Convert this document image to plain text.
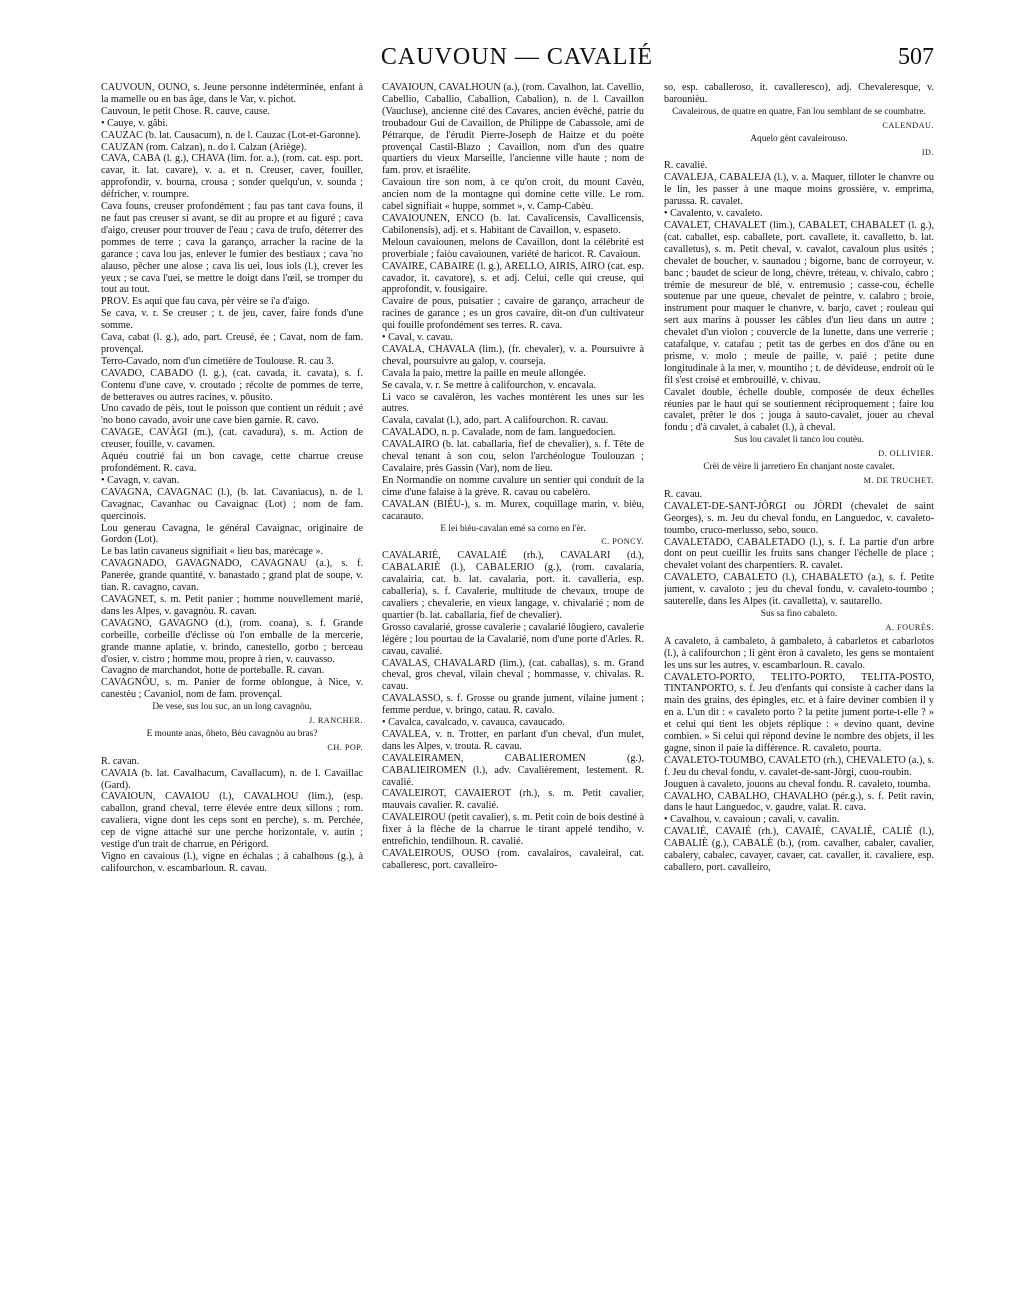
CAUVOUN — CAVALIÉ	507

CAÚVOUN, OUNO, s. Jeune personne indéterminée, enfant à la mamelle ou en bas âge, dans le Var, v. pichot.

Cauvoun, le petit Chose. R. cauve, cause.

• Cauye, v. gâbi.

CAUZAC (b. lat. Causacum), n. de l. Cauzac (Lot-et-Garonne).

CAUZAN (rom. Calzan), n. do l. Calzan (Ariège).

CAVA, CABA (l. g.), CHAVA (lim. for. a.), (rom. cat. esp. port. cavar, it. lat. cavare), v. a. et n. Creuser, caver, fouiller, approfondir, v. bourna, crousa ; sonder quelqu'un, v. sounda ; défricher, v. roumpre.

Cava founs, creuser profondément ; fau pas tant cava founs, il ne faut pas creuser si avant, se dit au propre et au figuré ; cava d'aigo, creuser pour trouver de l'eau ; cava de trufo, déterrer des pommes de terre ; cava la garanço, arracher la racine de la garance ; cava lou jas, enlever le fumier des bestiaux ; cava 'no alauso, pêcher une alose ; cava lis uei, lous iols (l.), crever les yeux ; se cava l'uei, se mettre le doigt dans l'œil, se tromper du tout au tout.

PROV. Es aqui que fau cava, pèr vèire se i'a d'aigo.

Se cava, v. r. Se creuser ; t. de jeu, caver, faire fonds d'une somme.

Cava, cabat (l. g.), ado, part. Creusé, ée ; Cavat, nom de fam. provençal.

Terro-Cavado, nom d'un cimetière de Toulouse. R. cau 3.

CAVADO, CABADO (l. g.), (cat. cavada, it. cavata), s. f. Contenu d'une cave, v. croutado ; récolte de pommes de terre, de betteraves ou autres racines, v. pôusito.

Uno cavado de pèis, tout le poisson que contient un réduit ; avé 'no bono cavado, avoir une cave bien garnie. R. cavo.

CAVAGE, CAVÀGI (m.), (cat. cavadura), s. m. Action de creuser, fouille, v. cavamen.

Aquéu coutrié fai un bon cavage, cette charrue creuse profondément. R. cava.

• Cavagn, v. cavan.

CAVAGNA, CAVAGNAC (l.), (b. lat. Cavaniacus), n. de l. Cavagnac, Cavanhac ou Cavaignac (Lot) ; nom de fam. quercinois.

Lou generau Cavagna, le général Cavaignac, originaire de Gordon (Lot).

Le bas latin cavaneus signifiait « lieu bas, marécage ».

CAVAGNADO, GAVAGNADO, CAVAGNAU (a.), s. f. Panerée, grande quantité, v. banastado ; grand plat de soupe, v. tian. R. cavagno, cavan.

CAVAGNET, s. m. Petit panier ; homme nouvellement marié, dans les Alpes, v. gavagnòu. R. cavan.

CAVAGNO, GAVAGNO (d.), (rom. coana), s. f. Grande corbeille, corbeille d'éclisse où l'on emballe de la mercerie, grande manne aplatie, v. brindo, canestello, gorbo ; berceau d'osier, v. cistro ; homme mou, propre à rien, v. cauvasso.

Cavagno de marchandot, hotte de porteballe. R. cavan.

CAVAGNÔU, s. m. Panier de forme oblongue, à Nice, v. canestèu ; Cavaniol, nom de fam. provençal.

De vese, sus lou suc, an un long cavagnòu.

J. RANCHER.

E mounte anas, ôheto, Bèu cavagnòu au bras?

CH. POP.

R. cavan.

CAVAIA (b. lat. Cavalhacum, Cavallacum), n. de l. Cavaillac (Gard).

CAVAIOUN, CAVAIOU (l.), CAVALHOU (lim.), (esp. caballon, grand cheval, terre élevée entre deux sillons ; rom. cavaliera, vigne dont les ceps sont en perche), s. m. Perchée, cep de vigne attaché sur une perche horizontale, v. autin ; vestige d'un trait de charrue, en Périgord.

Vigno en cavaious (l.), vigne en échalas ; à cabalhous (g.), à califourchon, v. escambarloun. R. cavau.

CAVAIOUN, CAVALHOUN (a.), (rom. Cavalhon, lat. Cavellio, Cabellio, Caballio, Caballion, Cabalion), n. de l. Cavaillon (Vaucluse), ancienne cité des Cavares, ancien évêché, patrie du troubadour Gui de Cavaillon, de Philippe de Cabassole, ami de Pétrarque, de l'érudit Pierre-Joseph de Haitze et du poète provençal Castil-Blazo ; Cavaillon, nom d'un des quatre quartiers du vieux Marseille, l'ancienne ville haute ; nom de fam. prov. et israélite.

Cavaioun tire son nom, à ce qu'on croit, du mount Cavèu, ancien nom de la montagne qui domine cette ville. Le rom. cabel signifiait « huppe, sommet », v. Camp-Cabèu.

CAVAIOUNEN, ENCO (b. lat. Cavalicensis, Cavallicensis, Cabilonensis), adj. et s. Habitant de Cavaillon, v. espaseto.

Meloun cavaiounen, melons de Cavaillon, dont la célébrité est proverbiale ; faiòu cavaiounen, variété de haricot. R. Cavaioun.

CAVAIRE, CABAIRE (l. g.), ARELLO, AIRIS, AIRO (cat. esp. cavador, it. cavatore), s. et adj. Celui, celle qui creuse, qui approfondit, v. fousigaire.

Cavaire de pous, puisatier ; cavaire de garanço, arracheur de racines de garance ; es un gros cavaire, dit-on d'un cultivateur qui fouille profondément ses terres. R. cava.

• Caval, v. cavau.

CAVALA, CHAVALA (lim.), (fr. chevaler), v. a. Poursuivre à cheval, poursuivre au galop, v. courseja.

Cavala la paio, mettre la paille en meule allongée.

Se cavala, v. r. Se mettre à califourchon, v. encavala.

Li vaco se cavalèron, les vaches montèrent les unes sur les autres.

Cavala, cavalat (l.), ado, part. A califourchon. R. cavau.

CAVALADO, n. p. Cavalade, nom de fam. languedocien.

CAVALAIRO (b. lat. caballaria, fief de chevalier), s. f. Tête de cheval tenant à son cou, selon l'archéologue Toulouzan ; Cavalaire, près Gassin (Var), nom de lieu.

En Normandie on nomme cavalure un sentier qui conduit de la cime d'une falaise à la grève. R. cavau ou cabelèro.

CAVALAN (BIÉU-), s. m. Murex, coquillage marin, v. bièu, cacarauto.

E lei biéu-cavalan emé sa corno en l'èr.

C. PONCY.

CAVALARIÉ, CAVALAIÉ (rh.), CAVALARI (d.), CABALARIÈ (l.), CABALERIO (g.), (rom. cavalaria, cavalairia, cat. b. lat. cavalaria, port. it. cavalleria, esp. caballeria), s. f. Cavalerie, multitude de chevaux, troupe de cavaliers ; chevalerie, en vieux langage, v. chivalarié ; nom de quartier (b. lat. caballaria, fief de chevalier).

Grosso cavalarié, grosse cavalerie ; cavalarié lôugiero, cavalerie légère ; lou pourtau de la Cavalarié, nom d'une porte d'Arles. R. cavau, cavalié.

CAVALAS, CHAVALARD (lim.), (cat. caballas), s. m. Grand cheval, gros cheval, vilain cheval ; hommasse, v. chivalas. R. cavau.

CAVALASSO, s. f. Grosse ou grande jument, vilaine jument ; femme perdue, v. bringo, catau. R. cavalo.

• Cavalca, cavalcado, v. cavauca, cavaucado.

CAVALEA, v. n. Trotter, en parlant d'un cheval, d'un mulet, dans les Alpes, v. trouta. R. cavau.

CAVALEIRAMEN, CABALIEROMEN (g.), CABALIEIROMEN (l.), adv. Cavalièrement, lestement. R. cavalié.

CAVALEIROT, CAVAIEROT (rh.), s. m. Petit cavalier, mauvais cavalier. R. cavalié.

CAVALEIROU (petit cavalier), s. m. Petit coin de bois destiné à fixer à la flèche de la charrue le tirant appelé tendiho, v. entrefichio, tendilhoun. R. cavalié.

CAVALEIROUS, OUSO (rom. cavalairos, cavaleiral, cat. caballeresc, port. cavalleiro-

so, esp. caballeroso, it. cavalleresco), adj. Chevaleresque, v. barounièu.

Cavaleirous, de quatre en quatre, Fan lou semblant de se coumbatre.

CALENDAU.

Aquelo gènt cavaleirouso.

ID.

R. cavalié.

CAVALEJA, CABALEJA (l.), v. a. Maquer, tilloter le chanvre ou le lin, les passer à une maque moins grossière, v. emprima, parussa. R. cavalet.

• Cavalento, v. cavaleto.

CAVALET, CHAVALET (lim.), CABALET, CHABALET (l. g.), (cat. caballet, esp. caballete, port. cavallete, it. cavalletto, b. lat. cavalletus), s. m. Petit cheval, v. cavalot, cavaloun plus usités ; chevalet de boucher, v. saunadou ; bigorne, banc de corroyeur, v. banc ; baudet de scieur de long, chèvre, tréteau, v. chivalo, cabro ; trémie de mesureur de blé, v. entremusio ; casse-cou, échelle soutenue par une queue, chevalet de peintre, v. calabro ; broie, instrument pour maquer le chanvre, v. barjo, cavet ; rouleau qui sert aux marins à pousser les câbles d'un lieu dans un autre ; chevalet d'un violon ; couvercle de la lunette, dans une verrerie ; catafalque, v. catafau ; petit tas de gerbes en dos d'âne ou en prisme, v. molo ; meule de paille, v. paié ; petite dune longitudinale à la mer, v. mountiho ; t. de dévideuse, endroit où le fil s'est croisé et embrouillé, v. chivau.

Cavalet double, échelle double, composée de deux échelles réunies par le haut qui se soutiennent réciproquement ; faire lou cavalet, prêter le dos ; jouga à sauto-cavalet, jouer au cheval fondu ; d'à cavalet, à cabalet (l.), à cheval.

Sus lou cavalet li tanco lou coutèu.

D. OLLIVIER.

Crèi de vèire li jarretiero En chanjant noste cavalet.

M. DE TRUCHET.

R. cavau.

CAVALET-DE-SANT-JÔRGI ou JÒRDI (chevalet de saint Georges), s. m. Jeu du cheval fondu, en Languedoc, v. cavaleto-toumbo, cruco-merlusso, sebo, souco.

CAVALETADO, CABALETADO (l.), s. f. La partie d'un arbre dont on peut cueillir les fruits sans changer l'échelle de place ; chevalet volant des charpentiers. R. cavalet.

CAVALETO, CABALETO (l.), CHABALETO (a.), s. f. Petite jument, v. cavaloto ; jeu du cheval fondu, v. cavaleto-toumbo ; sauterelle, dans les Alpes (it. cavalletta), v. sautarello.

Sus sa fino cabaleto.

A. FOURÈS.

A cavaleto, à cambaleto, à gambaleto, à cabarletos et cabarlotos (l.), à califourchon ; li gènt èron à cavaleto, les gens se montaient les uns sur les autres, v. escambarloun. R. cavalo.

CAVALETO-PORTO, TELITO-PORTO, TELITA-POSTO, TINTANPORTO, s. f. Jeu d'enfants qui consiste à cacher dans la main des grains, des épingles, etc. et à faire deviner combien il y en a. L'un dit : « cavaleto porto ? la petite jument porte-t-elle ? » et celui qui tient les objets réplique : « devino quant, devine combien. » Si celui qui répond devine le nombre des objets, il les gagne, sinon il paie la différence. R. cavaleto, pourta.

CAVALETO-TOUMBO, CAVALETO (rh.), CHEVALETO (a.), s. f. Jeu du cheval fondu, v. cavalet-de-sant-Jòrgi, cuou-roubin.

Jouguen à cavaleto, jouons au cheval fondu. R. cavaleto, toumba.

CAVALHO, CABALHO, CHAVALHO (pér.g.), s. f. Petit ravin, dans le haut Languedoc, v. gaudre, valat. R. cava.

• Cavalhou, v. cavaioun ; cavali, v. cavalin.

CAVALIÉ, CAVAIÉ (rh.), CAVAIÈ, CAVALIÈ, CALIÈ (l.), CABALIÈ (g.), CABALÈ (b.), (rom. cavalher, cabaler, cavalier, cabalery, cabalec, cavayer, cavaer, cat. cavaller, it. cavaliere, esp. caballero, port. cavalleiro,
